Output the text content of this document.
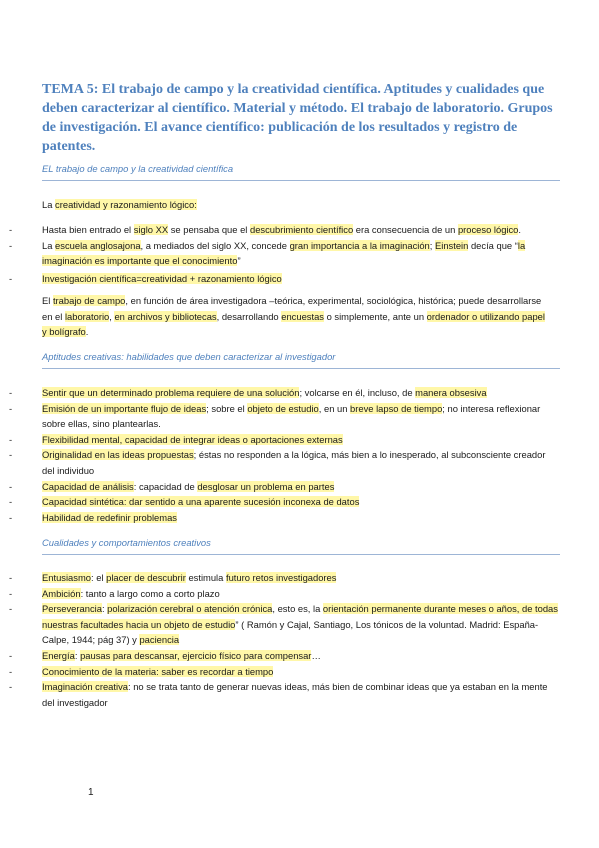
TEMA 5: El trabajo de campo y la creatividad científica. Aptitudes y cualidades que deben caracterizar al científico. Material y método. El trabajo de laboratorio. Grupos de investigación. El avance científico: publicación de los resultados y registro de patentes.
EL trabajo de campo y la creatividad científica

La creatividad y razonamiento lógico:

- Hasta bien entrado el siglo XX se pensaba que el descubrimiento científico era consecuencia de un proceso lógico.
- La escuela anglosajona, a mediados del siglo XX, concede gran importancia a la imaginación; Einstein decía que “la imaginación es importante que el conocimiento”
- Investigación científica=creatividad + razonamiento lógico

El trabajo de campo, en función de área investigadora –teórica, experimental, sociológica, histórica; puede desarrollarse en el laboratorio, en archivos y bibliotecas, desarrollando encuestas o simplemente, ante un ordenador o utilizando papel y bolígrafo.

Aptitudes creativas: habilidades que deben caracterizar al investigador
- Sentir que un determinado problema requiere de una solución; volcarse en él, incluso, de manera obsesiva
- Emisión de un importante flujo de ideas; sobre el objeto de estudio, en un breve lapso de tiempo; no interesa reflexionar sobre ellas, sino plantearlas.
- Flexibilidad mental, capacidad de integrar ideas o aportaciones externas
- Originalidad en las ideas propuestas; éstas no responden a la lógica, más bien a lo inesperado, al subconsciente creador del individuo
- Capacidad de análisis: capacidad de desglosar un problema en partes
- Capacidad sintética: dar sentido a una aparente sucesión inconexa de datos
- Habilidad de redefinir problemas
Cualidades y comportamientos creativos
- Entusiasmo: el placer de descubrir estimula futuro retos investigadores
- Ambición: tanto a largo como a corto plazo
- Perseverancia: polarización cerebral o atención crónica, esto es, la orientación permanente durante meses o años, de todas nuestras facultades hacia un objeto de estudio” ( Ramón y Cajal, Santiago, Los tónicos de la voluntad. Madrid: España-Calpe, 1944; pág 37) y paciencia
- Energía: pausas para descansar, ejercicio físico para compensar…
- Conocimiento de la materia: saber es recordar a tiempo
- Imaginación creativa: no se trata tanto de generar nuevas ideas, más bien de combinar ideas que ya estaban en la mente del investigador
1
